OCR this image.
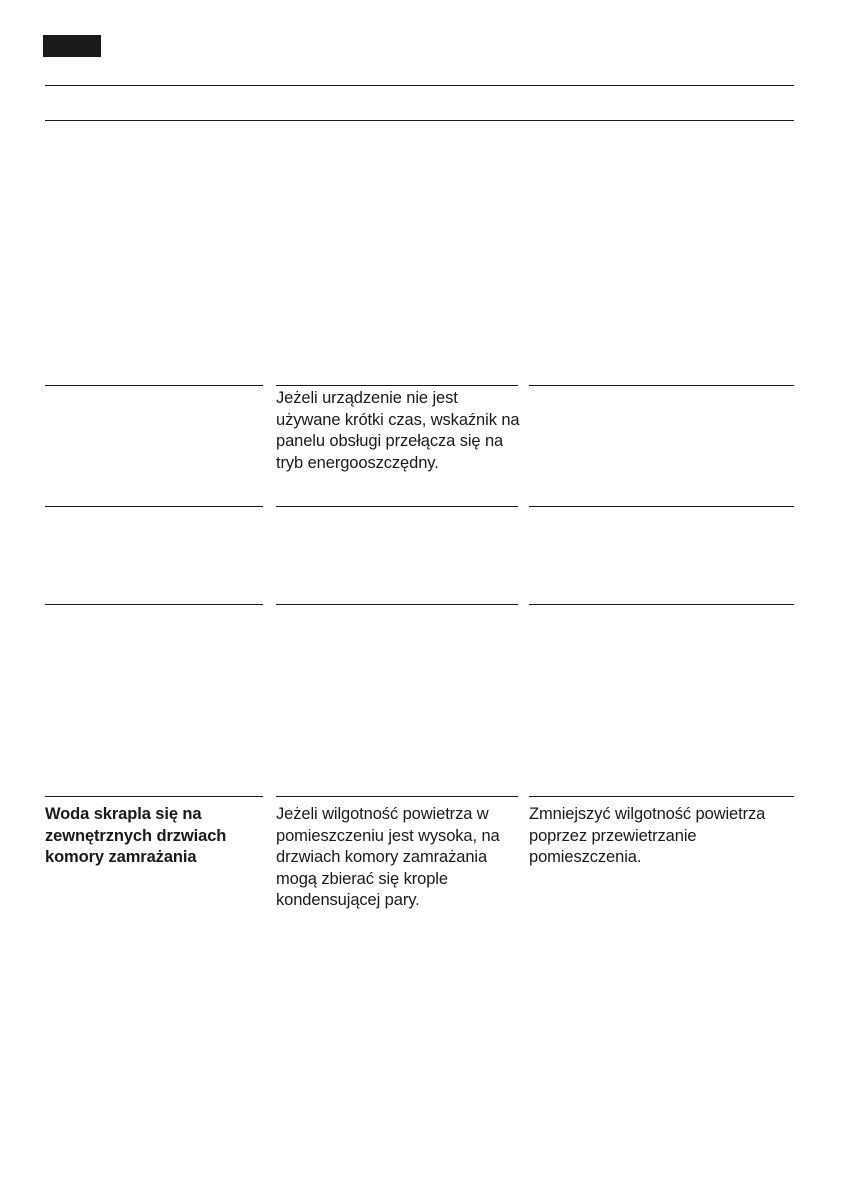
Jeżeli urządzenie nie jest używane krótki czas, wskaźnik na panelu obsługi przełącza się na tryb energooszczędny.
Woda skrapla się na zewnętrznych drzwiach komory zamrażania
Jeżeli wilgotność powietrza w pomieszczeniu jest wysoka, na drzwiach komory zamrażania mogą zbierać się krople kondensującej pary.
Zmniejszyć wilgotność powietrza poprzez przewietrzanie pomieszczenia.
